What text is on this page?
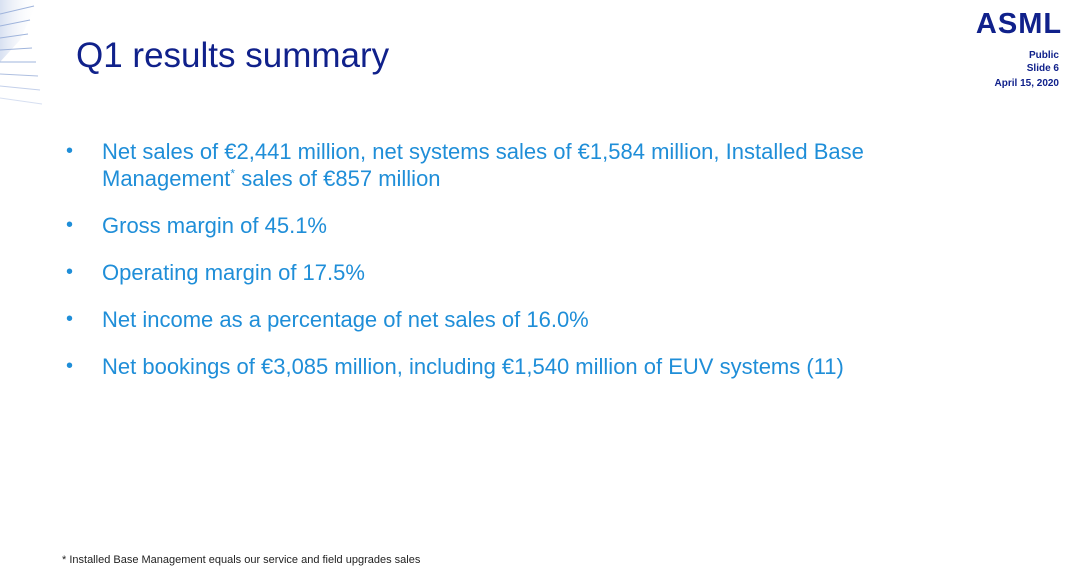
Q1 results summary
ASML
Public
Slide 6
April 15, 2020
•	Net sales of €2,441 million, net systems sales of €1,584 million, Installed Base Management* sales of €857 million
•	Gross margin of 45.1%
•	Operating margin of 17.5%
•	Net income as a percentage of net sales of 16.0%
•	Net bookings of €3,085 million, including €1,540 million of EUV systems (11)
* Installed Base Management equals our service and field upgrades sales
